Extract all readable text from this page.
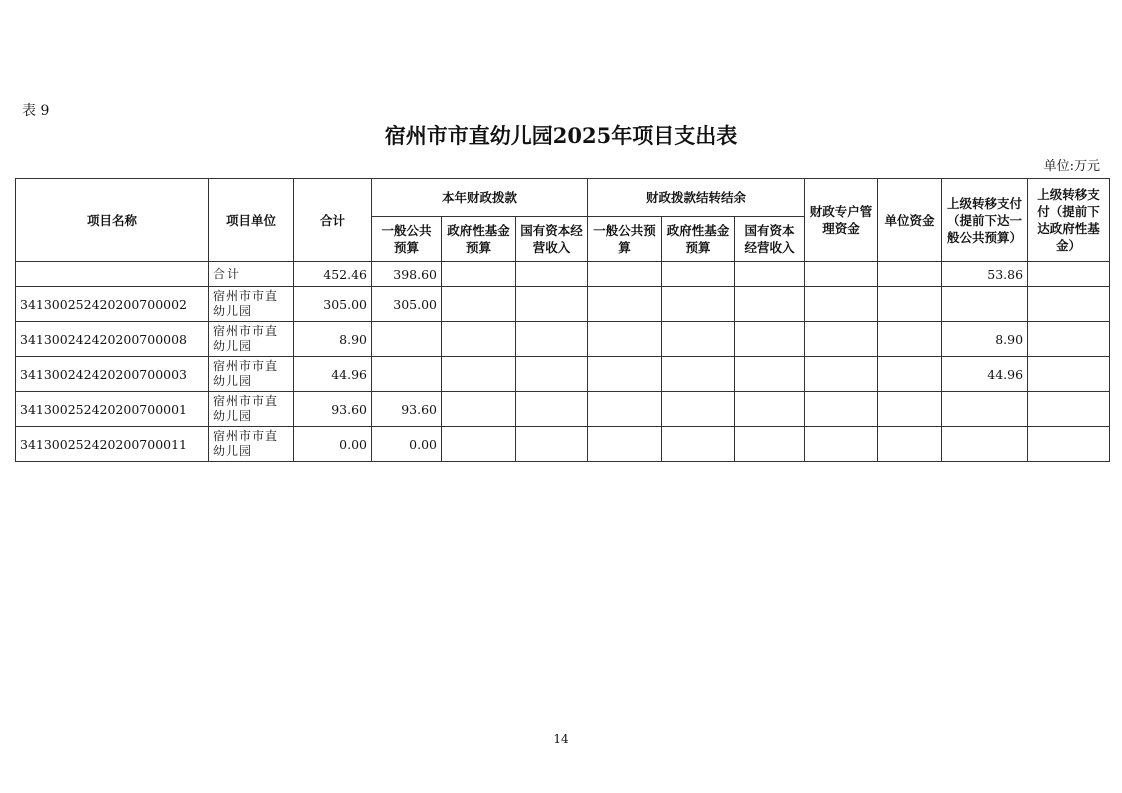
表 9
宿州市市直幼儿园2025年项目支出表
单位:万元
项目名称	项目单位	合计	本年财政拨款			财政拨款结转结余			财政专户管理资金	单位资金	上级转移支付（提前下达一般公共预算）	上级转移支付（提前下达政府性基金）
			一般公共预算	政府性基金预算	国有资本经营收入	一般公共预算	政府性基金预算	国有资本经营收入				
	合计	452.46	398.60								53.86	
341300252420200700002	宿州市市直幼儿园	305.00	305.00									
341300242420200700008	宿州市市直幼儿园	8.90									8.90	
341300242420200700003	宿州市市直幼儿园	44.96									44.96	
341300252420200700001	宿州市市直幼儿园	93.60	93.60									
341300252420200700011	宿州市市直幼儿园	0.00	0.00									
14
